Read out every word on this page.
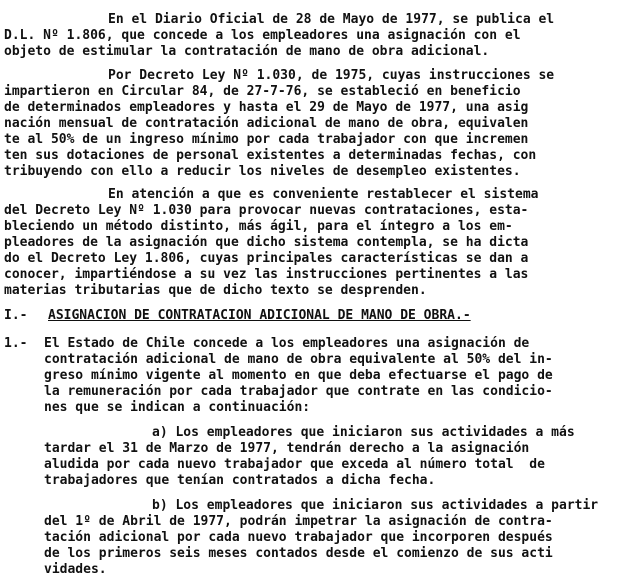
En el Diario Oficial de 28 de Mayo de 1977, se publica el
D.L. Nº 1.806, que concede a los empleadores una asignación con el
objeto de estimular la contratación de mano de obra adicional.
Por Decreto Ley Nº 1.030, de 1975, cuyas instrucciones se
impartieron en Circular 84, de 27-7-76, se estableció en beneficio
de determinados empleadores y hasta el 29 de Mayo de 1977, una asig
nación mensual de contratación adicional de mano de obra, equivalen
te al 50% de un ingreso mínimo por cada trabajador con que incremen
ten sus dotaciones de personal existentes a determinadas fechas, con
tribuyendo con ello a reducir los niveles de desempleo existentes.
En atención a que es conveniente restablecer el sistema
del Decreto Ley Nº 1.030 para provocar nuevas contrataciones, esta-
bleciendo un método distinto, más ágil, para el íntegro a los em-
pleadores de la asignación que dicho sistema contempla, se ha dicta
do el Decreto Ley 1.806, cuyas principales características se dan a
conocer, impartiéndose a su vez las instrucciones pertinentes a las
materias tributarias que de dicho texto se desprenden.
I.- ASIGNACION DE CONTRATACION ADICIONAL DE MANO DE OBRA.-
1.- El Estado de Chile concede a los empleadores una asignación de
contratación adicional de mano de obra equivalente al 50% del in-
greso mínimo vigente al momento en que deba efectuarse el pago de
la remuneración por cada trabajador que contrate en las condicio-
nes que se indican a continuación:
a) Los empleadores que iniciaron sus actividades a más
tardar el 31 de Marzo de 1977, tendrán derecho a la asignación
aludida por cada nuevo trabajador que exceda al número total  de
trabajadores que tenían contratados a dicha fecha.
b) Los empleadores que iniciaron sus actividades a partir
del 1º de Abril de 1977, podrán impetrar la asignación de contra-
tación adicional por cada nuevo trabajador que incorporen después
de los primeros seis meses contados desde el comienzo de sus acti
vidades.
